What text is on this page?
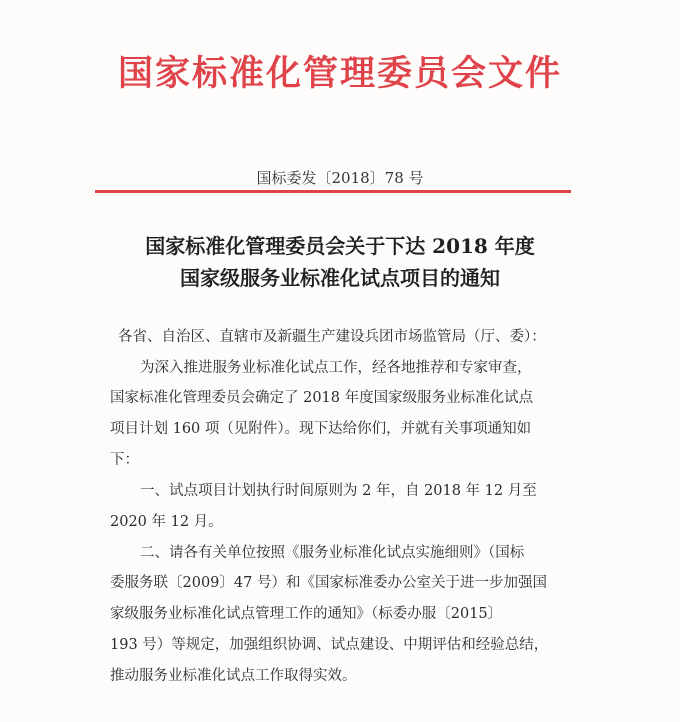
国家标准化管理委员会文件
国标委发〔2018〕78 号
国家标准化管理委员会关于下达 2018 年度
国家级服务业标准化试点项目的通知
各省、自治区、直辖市及新疆生产建设兵团市场监管局（厅、委）：
为深入推进服务业标准化试点工作，经各地推荐和专家审查，
国家标准化管理委员会确定了 2018 年度国家级服务业标准化试点
项目计划 160 项（见附件）。现下达给你们，并就有关事项通知如
下：
一、试点项目计划执行时间原则为 2 年，自 2018 年 12 月至
2020 年 12 月。
二、请各有关单位按照《服务业标准化试点实施细则》（国标
委服务联〔2009〕47 号）和《国家标准委办公室关于进一步加强国
家级服务业标准化试点管理工作的通知》（标委办服〔2015〕
193 号）等规定，加强组织协调、试点建设、中期评估和经验总结，
推动服务业标准化试点工作取得实效。
